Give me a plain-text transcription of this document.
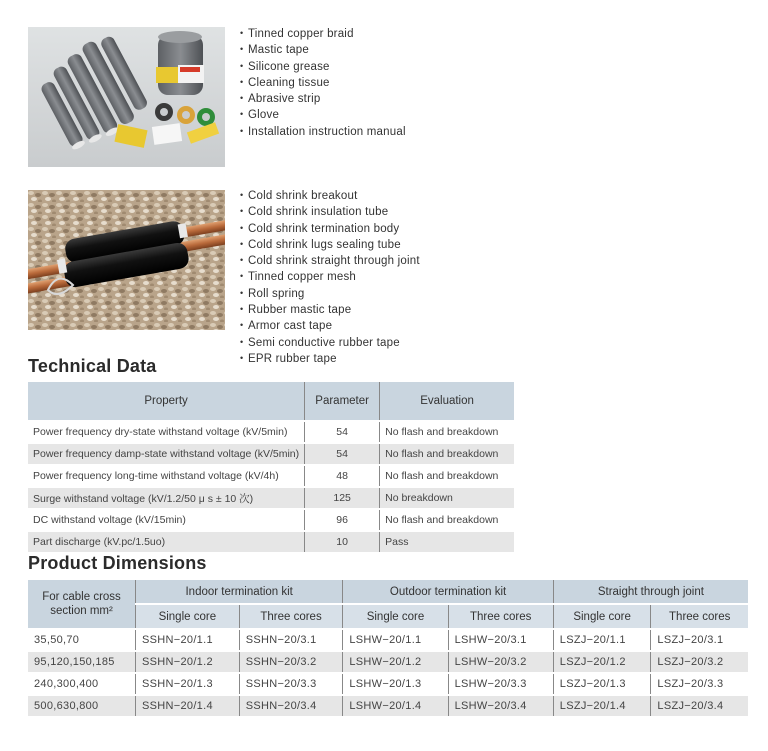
• Tinned copper braid
• Mastic tape
• Silicone grease
• Cleaning tissue
• Abrasive strip
• Glove
• Installation instruction manual
• Cold shrink breakout
• Cold shrink insulation tube
• Cold shrink termination body
• Cold shrink lugs sealing tube
• Cold shrink straight through joint
• Tinned copper mesh
• Roll spring
• Rubber mastic tape
• Armor cast tape
• Semi conductive rubber tape
• EPR rubber tape
Technical Data
Property	Parameter	Evaluation
Power frequency dry-state withstand voltage (kV/5min)	54	No flash and breakdown
Power frequency damp-state withstand voltage (kV/5min)	54	No flash and breakdown
Power frequency long-time withstand voltage (kV/4h)	48	No flash and breakdown
Surge withstand voltage (kV/1.2/50 μ s ± 10 次)	125	No breakdown
DC withstand voltage (kV/15min)	96	No flash and breakdown
Part discharge (kV.pc/1.5uo)	10	Pass
Product Dimensions
For cable cross section mm²	Indoor termination kit		Outdoor termination kit		Straight through joint	
	Single core	Three cores	Single core	Three cores	Single core	Three cores
35,50,70	SSHN−20/1.1	SSHN−20/3.1	LSHW−20/1.1	LSHW−20/3.1	LSZJ−20/1.1	LSZJ−20/3.1
95,120,150,185	SSHN−20/1.2	SSHN−20/3.2	LSHW−20/1.2	LSHW−20/3.2	LSZJ−20/1.2	LSZJ−20/3.2
240,300,400	SSHN−20/1.3	SSHN−20/3.3	LSHW−20/1.3	LSHW−20/3.3	LSZJ−20/1.3	LSZJ−20/3.3
500,630,800	SSHN−20/1.4	SSHN−20/3.4	LSHW−20/1.4	LSHW−20/3.4	LSZJ−20/1.4	LSZJ−20/3.4
